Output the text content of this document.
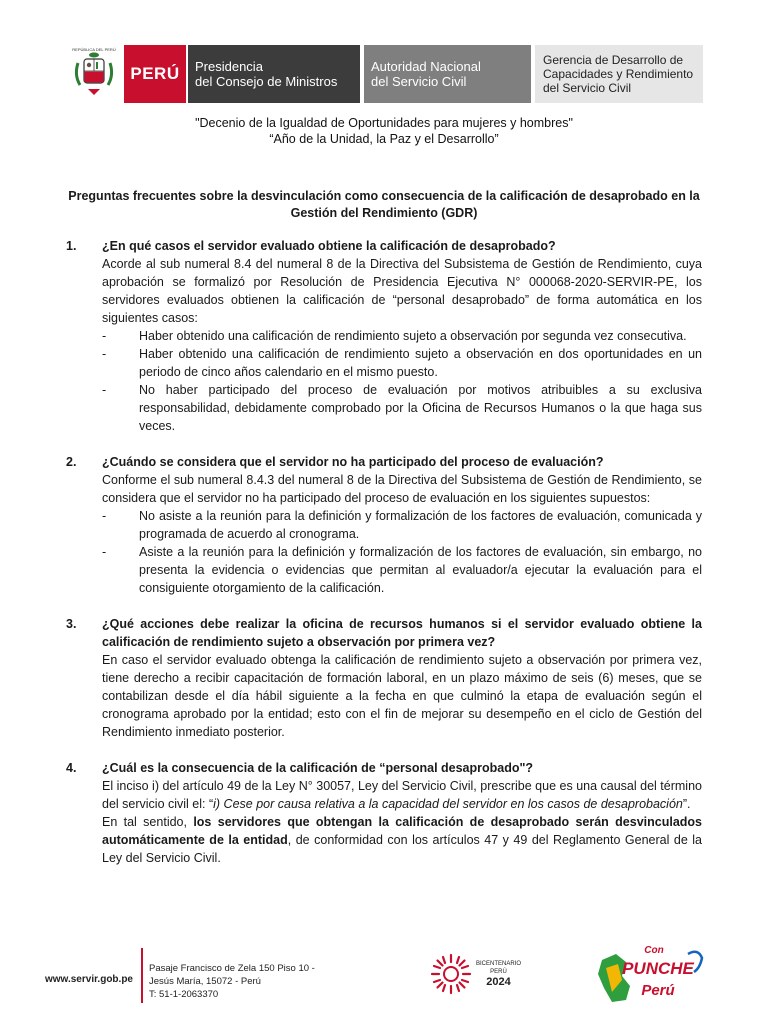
REPÚBLICA DEL PERÚ
PERÚ Presidencia
del Consejo de Ministros
Autoridad Nacional
del Servicio Civil
Gerencia de Desarrollo de
Capacidades y Rendimiento
del Servicio Civil
"Decenio de la Igualdad de Oportunidades para mujeres y hombres"
“Año de la Unidad, la Paz y el Desarrollo”
Preguntas frecuentes sobre la desvinculación como consecuencia de la calificación de desaprobado en la Gestión del Rendimiento (GDR)
1.	¿En qué casos el servidor evaluado obtiene la calificación de desaprobado?

Acorde al sub numeral 8.4 del numeral 8 de la Directiva del Subsistema de Gestión de Rendimiento, cuya aprobación se formalizó por Resolución de Presidencia Ejecutiva N° 000068-2020-SERVIR-PE, los servidores evaluados obtienen la calificación de “personal desaprobado” de forma automática en los siguientes casos:

-	Haber obtenido una calificación de rendimiento sujeto a observación por segunda vez consecutiva.
-	Haber obtenido una calificación de rendimiento sujeto a observación en dos oportunidades en un periodo de cinco años calendario en el mismo puesto.
-	No haber participado del proceso de evaluación por motivos atribuibles a su exclusiva responsabilidad, debidamente comprobado por la Oficina de Recursos Humanos o la que haga sus veces.
2.	¿Cuándo se considera que el servidor no ha participado del proceso de evaluación?

Conforme el sub numeral 8.4.3 del numeral 8 de la Directiva del Subsistema de Gestión de Rendimiento, se considera que el servidor no ha participado del proceso de evaluación en los siguientes supuestos:

-	No asiste a la reunión para la definición y formalización de los factores de evaluación, comunicada y programada de acuerdo al cronograma.
-	Asiste a la reunión para la definición y formalización de los factores de evaluación, sin embargo, no presenta la evidencia o evidencias que permitan al evaluador/a ejecutar la evaluación para el consiguiente otorgamiento de la calificación.
3.	¿Qué acciones debe realizar la oficina de recursos humanos si el servidor evaluado obtiene la calificación de rendimiento sujeto a observación por primera vez?

En caso el servidor evaluado obtenga la calificación de rendimiento sujeto a observación por primera vez, tiene derecho a recibir capacitación de formación laboral, en un plazo máximo de seis (6) meses, que se contabilizan desde el día hábil siguiente a la fecha en que culminó la etapa de evaluación según el cronograma aprobado por la entidad; esto con el fin de mejorar su desempeño en el ciclo de Gestión del Rendimiento inmediato posterior.

4.	¿Cuál es la consecuencia de la calificación de “personal desaprobado"?

El inciso i) del artículo 49 de la Ley N° 30057, Ley del Servicio Civil, prescribe que es una causal del término del servicio civil el: “i) Cese por causa relativa a la capacidad del servidor en los casos de desaprobación”.

En tal sentido, los servidores que obtengan la calificación de desaprobado serán desvinculados automáticamente de la entidad, de conformidad con los artículos 47 y 49 del Reglamento General de la Ley del Servicio Civil.

www.servir.gob.pe
Pasaje Francisco de Zela 150 Piso 10 -
Jesús María, 15072 - Perú
T: 51-1-2063370
BICENTENARIO
PERÚ
2024
Con
PUNCHE
Perú
